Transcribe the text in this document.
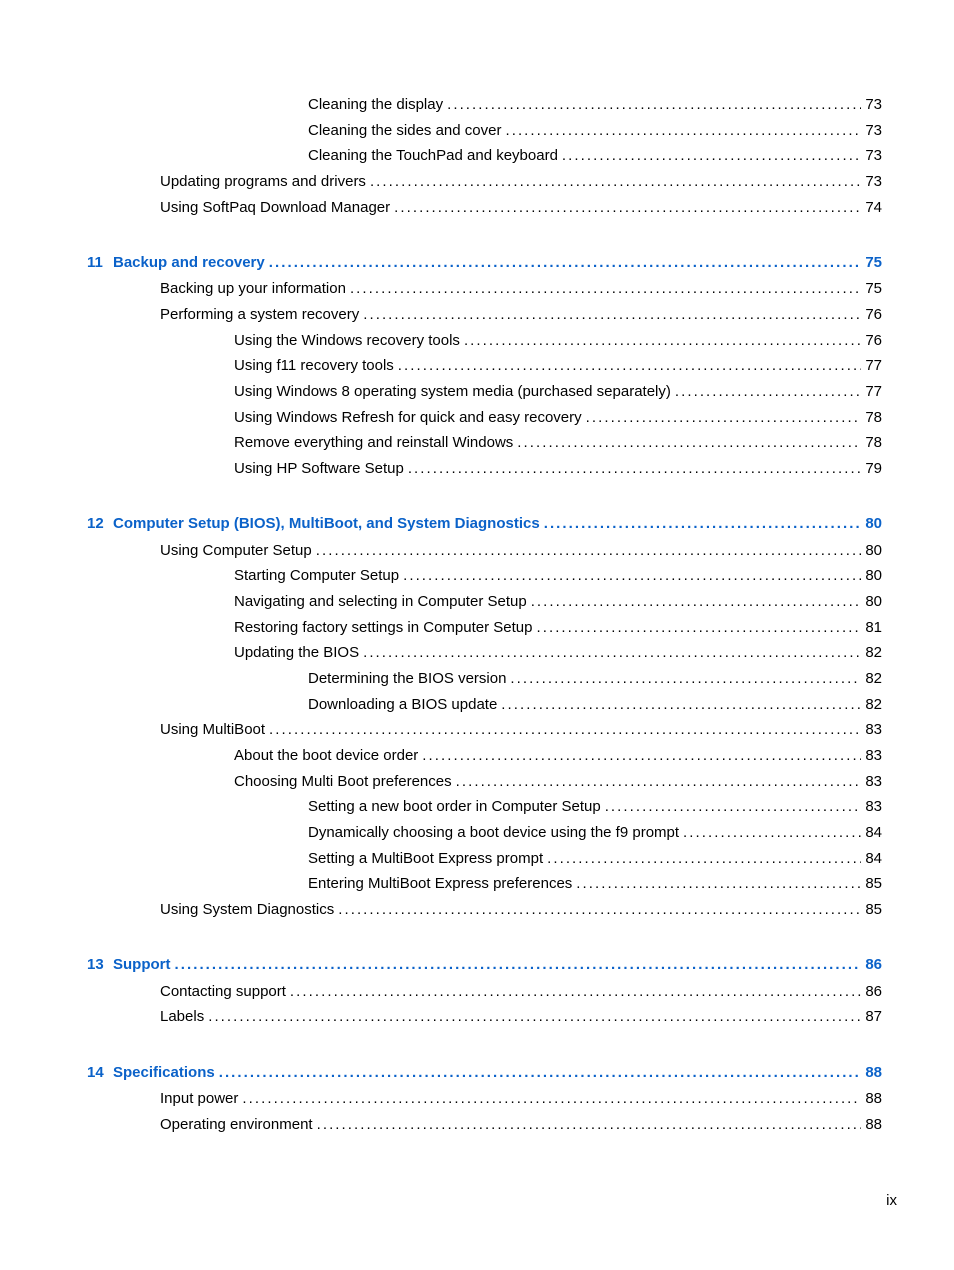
Cleaning the display . . .	73
Cleaning the sides and cover . . .	73
Cleaning the TouchPad and keyboard . . .	73
Updating programs and drivers . . .	73
Using SoftPaq Download Manager . . .	74
11 Backup and recovery . . .	75
Backing up your information . . .	75
Performing a system recovery . . .	76
Using the Windows recovery tools . . .	76
Using f11 recovery tools . . .	77
Using Windows 8 operating system media (purchased separately) . . .	77
Using Windows Refresh for quick and easy recovery . . .	78
Remove everything and reinstall Windows . . .	78
Using HP Software Setup . . .	79
12 Computer Setup (BIOS), MultiBoot, and System Diagnostics . . .	80
Using Computer Setup . . .	80
Starting Computer Setup . . .	80
Navigating and selecting in Computer Setup . . .	80
Restoring factory settings in Computer Setup . . .	81
Updating the BIOS . . .	82
Determining the BIOS version . . .	82
Downloading a BIOS update . . .	82
Using MultiBoot . . .	83
About the boot device order . . .	83
Choosing Multi Boot preferences . . .	83
Setting a new boot order in Computer Setup . . .	83
Dynamically choosing a boot device using the f9 prompt . . .	84
Setting a MultiBoot Express prompt . . .	84
Entering MultiBoot Express preferences . . .	85
Using System Diagnostics . . .	85
13 Support . . .	86
Contacting support . . .	86
Labels . . .	87
14 Specifications . . .	88
Input power . . .	88
Operating environment . . .	88
ix
